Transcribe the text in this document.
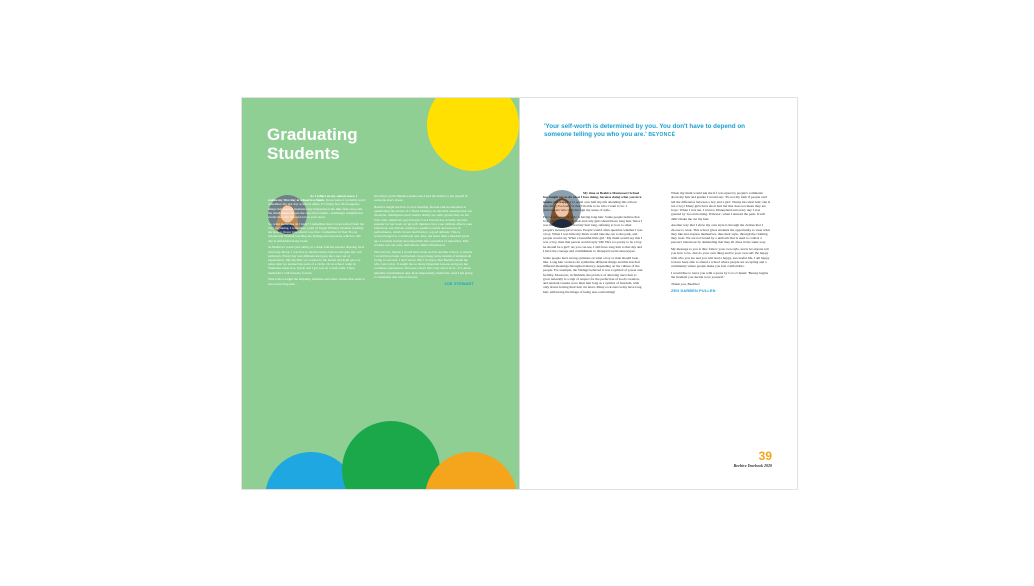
Graduating Students

As I reflect on my school years, I realise my first day at school is a blank. In ten years, I probably won't remember my last day at school either. It's funny how that happens; things that seemed momentously important at the time fade away and the small memories are the ones that remain—seemingly insignificant events that stay tattooed across your heart.

So, what memories do I have? I remember that I loved school from the very beginning. I remember a pair of Upper Primary students teaching me how to finger knit when I was five. I remember in Year Six an Adolescent Student teaching me Pythagoras's theorem, which to this day is embedded in my brain.

At Beehive I wasn't just sitting at a desk with the teacher drawing facts down my throat. I was free to intellectually explore and gain my own pathways. Every day was different and gave me a new set of experiences, like the time we worked in the marks and Kath gave us pizza after we learned the parts of a circle. Or on school camp in Tasmania when Zoe, Dylan and I got lost on a bush walk. These memories I will treasure forever.

This school taught me empathy, kindness and other virtues that seem to have been forgotten

in today's world. Beehive made sure I had the ability to put myself in someone else's shoes.

Beehive taught me how to love learning. Recent talk in education is questioning the notion of a 'fixed' mindset; an idea that assumes that our character, intelligence and creative ability are static givens that we are born with. American psychologist Carol Dweck has recently become popular for her work on 'growth' mindset: how your attitude affects your behaviour and actions, leading to positive results and success in performance, which in turn lead back to a good attitude. This is acknowledged as a relatively new idea, but more than a hundred years ago a woman in Italy developed this into a practice of education. This woman was our own, marvellous, Maria Montessori.

Who knows, maybe I would have done well in another school, or maybe I would have been overlooked, swept along in the stream of students all trying to succeed. I don't know. But I do know that Beehive made me who I am today. It taught me so many important lessons and gave me countless experiences. Because school isn't only about facts—it's about empathy and kindness and, most importantly, memories. And I am going to remember this school forever.

ZOE STEWART
'Your self-worth is determined by you. You don't have to depend on someone telling you who you are.' BEYONCÉ

My time at Beehive Montessori School has taught me to do what I love doing, because doing what you love makes you happy. I've spent over half my life attending this school. One thing I've learnt is that I'm able to be who I want to be. I demonstrate who I am through my sense of style.

Part of my sense of style is having long hair. Some people believe that boys should have short hair and only girls should have long hair. Since I was little, I've always had my hair long, refusing to bow to other people's stereotypical views. People would often question whether I was a boy. When I was little my mum would take me out to the park, and people would say 'What a beautiful little girl.' My mum would say that I was a boy, then that person would reply 'Oh! He's too pretty to be a boy, he should be a girl!' As you can see, I still have long hair to this day and I have the courage and commitment to disregard social stereotypes.

Some people have strong opinions on what a boy or man should look like. Long hair on men can symbolise different things and this has had different meanings throughout history, depending on the culture of the people. For example, the Vikings believed it was a symbol of power and fertility. Moreover, in Sikhism, the practice of allowing one's hair to grow naturally is a sign of respect for the perfection of God's creation, and Ancient Greeks wore their hair long as a symbol of freedom, with only slaves having their hair cut short. Many rock stars today have long hair, embracing the image of being non-conforming!

When my mum would ask me if I was upset by people's comments about my hair and gender I would say: 'It's not my fault if people can't tell the difference between a boy and a girl.' Nanny has short hair; she is not a boy! Many girls have short hair but that does not mean they are boys.' When I was ten, I went to Disneyland and every day I was greeted by 'Good morning, Princess', when I entered the park. It still didn't make me cut my hair.

Another way that I show my own style is through the clothes that I choose to wear. This school gives students the opportunity to wear what they like and express themselves, thus their style, through the clothing they wear. We are not bound by a uniform that is used to control a person's behaviour by demanding that they all dress in the same way.

My message to you is this: follow your own style, never let anyone tell you how to be. Just do your own thing and be your own self. Be happy with who you are and you will lead a happy, successful life. I am happy to have been able to attend a school where people are accepting and a community where people make you feel comfortable.

I would like to leave you with a quote by Coco Chanel: 'Beauty begins the moment you decide to be yourself.'

Thank you, Beehive!

ZEN DARBEN PULLEN
39
Beehive Yearbook 2020
